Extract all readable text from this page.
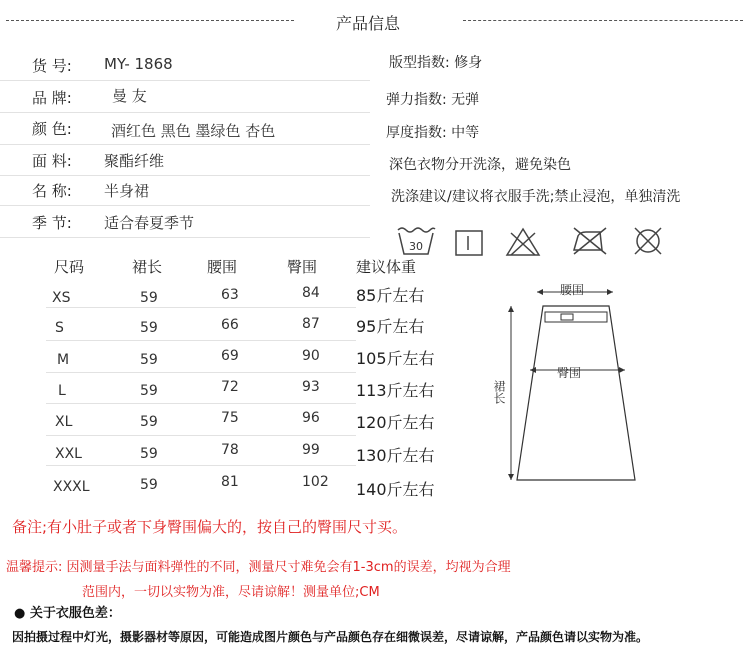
产品信息
货 号: MY- 1868
品 牌:	曼 友
颜 色:	酒红色 黑色 墨绿色 杏色
面 料: 聚酯纤维
名 称: 半身裙
季 节: 适合春夏季节
版型指数: 修身
弹力指数: 无弹
厚度指数: 中等
深色衣物分开洗涤，避免染色
洗涤建议/建议将衣服手洗;禁止浸泡，单独清洗
30
尺码	裙长	腰围	臀围	建议体重
XS	59	63	84 85斤左右
S	59	66	87 95斤左右
M	59	69	90 105斤左右
L	59	72	93 113斤左右
XL	59	75	96 120斤左右
XXL	59	78	99 130斤左右
XXXL	59	81	102 140斤左右
腰围
臀围
裙长
备注;有小肚子或者下身臀围偏大的，按自己的臀围尺寸买。
温馨提示: 因测量手法与面料弹性的不同，测量尺寸难免会有1-3cm的误差，均视为合理
范围内，一切以实物为准，尽请谅解！测量单位;CM
● 关于衣服色差：
因拍摄过程中灯光，摄影器材等原因，可能造成图片颜色与产品颜色存在细微误差，尽请谅解，产品颜色请以实物为准。
